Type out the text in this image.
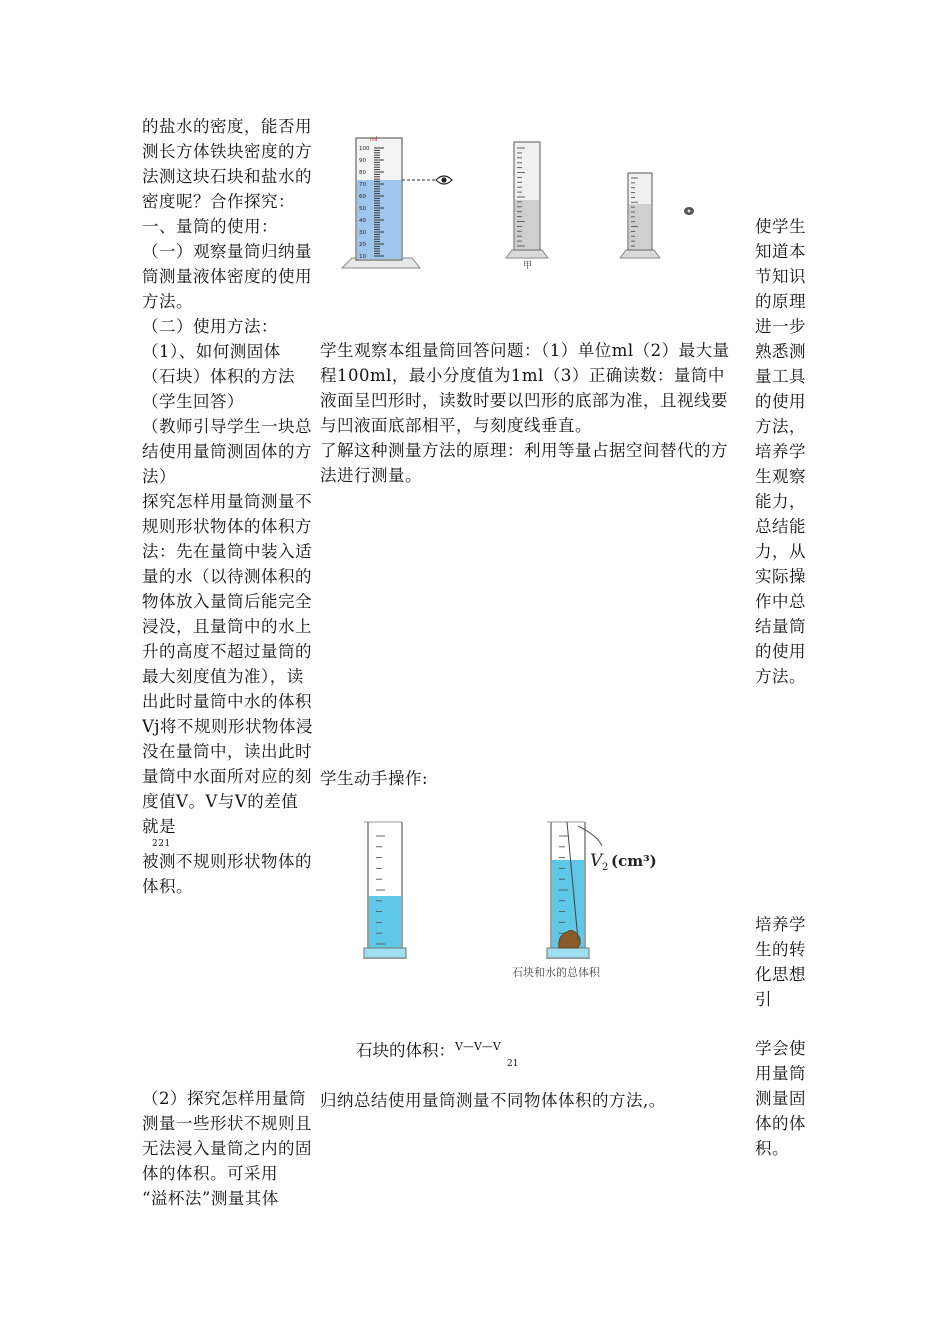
的盐水的密度，能否用测长方体铁块密度的方法测这块石块和盐水的密度呢？合作探究：

一、量筒的使用：

（一）观察量筒归纳量筒测量液体密度的使用方法。

（二）使用方法：

（1）、如何测固体（石块）体积的方法（学生回答）

（教师引导学生一块总结使用量筒测固体的方法）

探究怎样用量筒测量不规则形状物体的体积方法：先在量筒中装入适量的水（以待测体积的物体放入量筒后能完全浸没，且量筒中的水上升的高度不超过量筒的最大刻度值为准），读出此时量筒中水的体积Vj将不规则形状物体浸没在量筒中，读出此时量筒中水面所对应的刻度值V。V与V的差值就是

221

被测不规则形状物体的体积。

（2）探究怎样用量筒测量一些形状不规则且无法浸入量筒之内的固体的体积。可采用

“溢杯法”测量其体

学生观察本组量筒回答问题：（1）单位ml（2）最大量程100ml，最小分度值为1ml（3）正确读数：量筒中液面呈凹形时，读数时要以凹形的底部为准，且视线要与凹液面底部相平，与刻度线垂直。

了解这种测量方法的原理：利用等量占据空间替代的方法进行测量。

学生动手操作:

石块的体积：$^{V—V—V}$
21

归纳总结使用量筒测量不同物体体积的方法,。

使学生知道本节知识的原理进一步熟悉测量工具的使用方法，培养学生观察能力，总结能力，从实际操作中总结量筒的使用方法。

培养学生的转化思想引

学会使用量筒测量固体的体积。

ml
100
90
80
70
60
50
40
30
20
10
甲
V 2 (cm³)
石块和水的总体积
